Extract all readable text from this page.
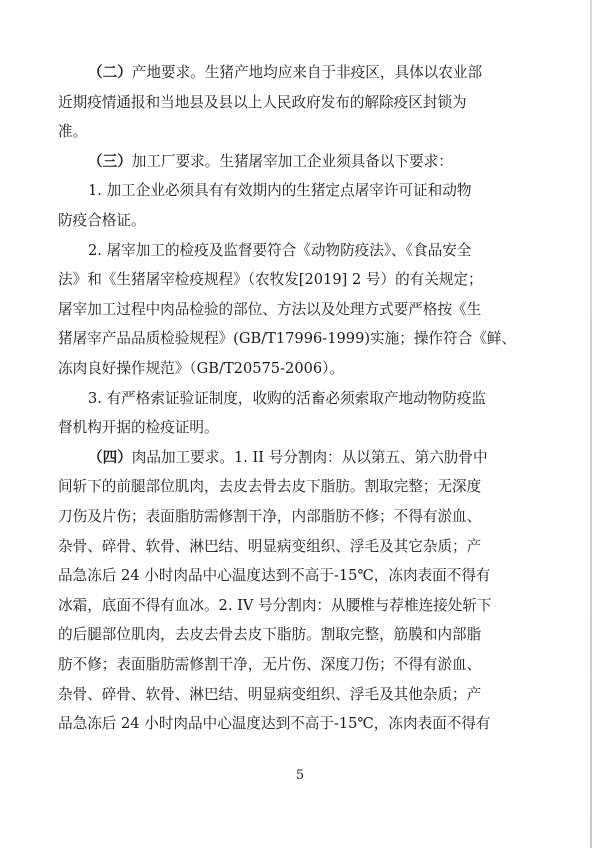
（二）产地要求。生猪产地均应来自于非疫区，具体以农业部
近期疫情通报和当地县及县以上人民政府发布的解除疫区封锁为
准。
（三）加工厂要求。生猪屠宰加工企业须具备以下要求：
1. 加工企业必须具有有效期内的生猪定点屠宰许可证和动物
防疫合格证。
2. 屠宰加工的检疫及监督要符合《动物防疫法》、《食品安全
法》和《生猪屠宰检疫规程》（农牧发[2019] 2 号）的有关规定；
屠宰加工过程中肉品检验的部位、方法以及处理方式要严格按《生
猪屠宰产品品质检验规程》(GB/T17996-1999)实施；操作符合《鲜、
冻肉良好操作规范》（GB/T20575-2006）。
3. 有严格索证验证制度，收购的活畜必须索取产地动物防疫监
督机构开据的检疫证明。
（四）肉品加工要求。1. II 号分割肉：从以第五、第六肋骨中
间斩下的前腿部位肌肉，去皮去骨去皮下脂肪。割取完整；无深度
刀伤及片伤；表面脂肪需修割干净，内部脂肪不修；不得有淤血、
杂骨、碎骨、软骨、淋巴结、明显病变组织、浮毛及其它杂质；产
品急冻后 24 小时肉品中心温度达到不高于-15℃，冻肉表面不得有
冰霜，底面不得有血冰。2. IV 号分割肉：从腰椎与荐椎连接处斩下
的后腿部位肌肉，去皮去骨去皮下脂肪。割取完整，筋膜和内部脂
肪不修；表面脂肪需修割干净，无片伤、深度刀伤；不得有淤血、
5
杂骨、碎骨、软骨、淋巴结、明显病变组织、浮毛及其他杂质；产
品急冻后 24 小时肉品中心温度达到不高于-15℃，冻肉表面不得有
